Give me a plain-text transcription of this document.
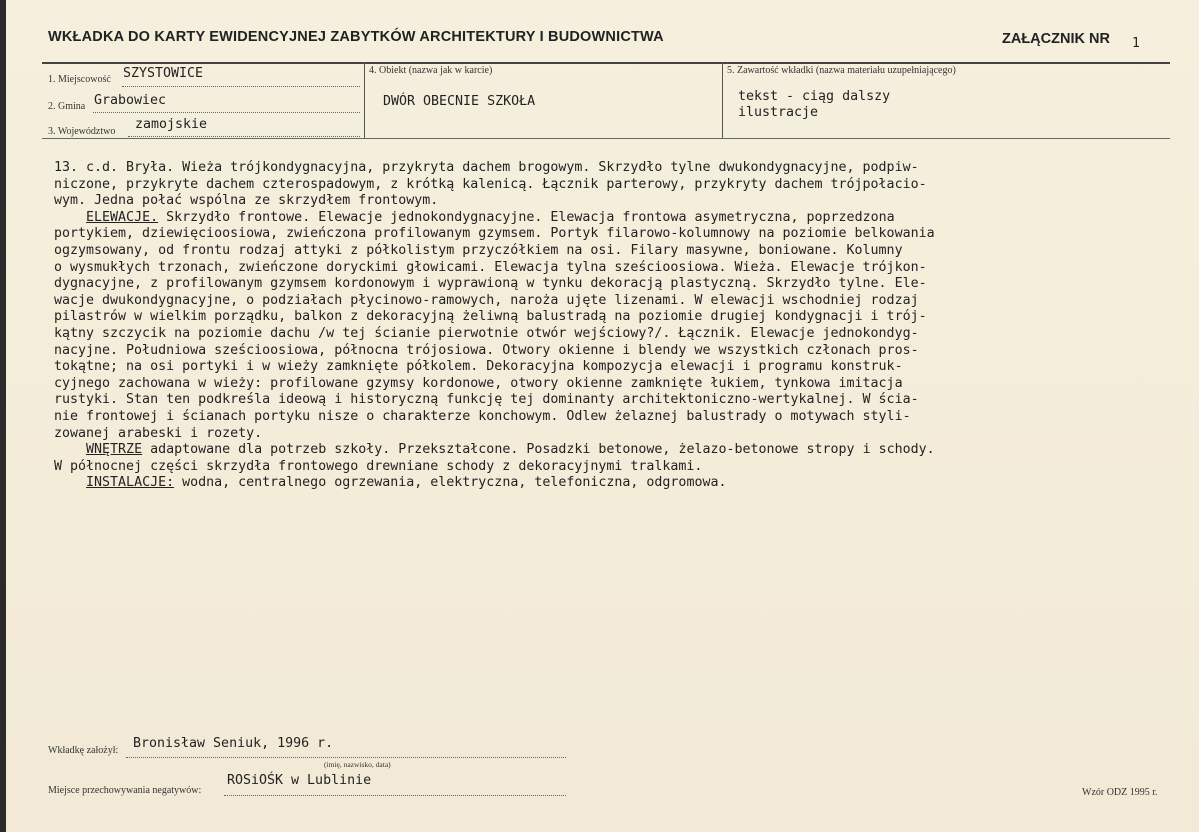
WKŁADKA DO KARTY EWIDENCYJNEJ ZABYTKÓW ARCHITEKTURY I BUDOWNICTWA	ZAŁĄCZNIK NR 1
1. Miejscowość SZYSTOWICE
2. Gmina Grabowiec
3. Województwo zamojskie
4. Obiekt (nazwa jak w karcie)
DWÓR OBECNIE SZKOŁA
5. Zawartość wkładki (nazwa materiału uzupełniającego)
tekst - ciąg dalszy
ilustracje
13. c.d. Bryła. Wieża trójkondygnacyjna, przykryta dachem brogowym. Skrzydło tylne dwukondygnacyjne, podpiw-
niczone, przykryte dachem czterospadowym, z krótką kalenicą. Łącznik parterowy, przykryty dachem trójpołacio-
wym. Jedna połać wspólna ze skrzydłem frontowym.
ELEWACJE. Skrzydło frontowe. Elewacje jednokondygnacyjne. Elewacja frontowa asymetryczna, poprzedzona
portykiem, dziewięcioosiowa, zwieńczona profilowanym gzymsem. Portyk filarowo-kolumnowy na poziomie belkowania
ogzymsowany, od frontu rodzaj attyki z półkolistym przyczółkiem na osi. Filary masywne, boniowane. Kolumny
o wysmukłych trzonach, zwieńczone doryckimi głowicami. Elewacja tylna sześcioosiowa. Wieża. Elewacje trójkon-
dygnacyjne, z profilowanym gzymsem kordonowym i wyprawioną w tynku dekoracją plastyczną. Skrzydło tylne. Ele-
wacje dwukondygnacyjne, o podziałach płycinowo-ramowych, naroża ujęte lizenami. W elewacji wschodniej rodzaj
pilastrów w wielkim porządku, balkon z dekoracyjną żeliwną balustradą na poziomie drugiej kondygnacji i trój-
kątny szczycik na poziomie dachu /w tej ścianie pierwotnie otwór wejściowy?/. Łącznik. Elewacje jednokondyg-
nacyjne. Południowa sześcioosiowa, północna trójosiowa. Otwory okienne i blendy we wszystkich członach pros-
tokątne; na osi portyki i w wieży zamknięte półkolem. Dekoracyjna kompozycja elewacji i programu konstruk-
cyjnego zachowana w wieży: profilowane gzymsy kordonowe, otwory okienne zamknięte łukiem, tynkowa imitacja
rustyki. Stan ten podkreśla ideową i historyczną funkcję tej dominanty architektoniczno-wertykalnej. W ścia-
nie frontowej i ścianach portyku nisze o charakterze konchowym. Odlew żelaznej balustrady o motywach styli-
zowanej arabeski i rozety.
WNĘTRZE adaptowane dla potrzeb szkoły. Przekształcone. Posadzki betonowe, żelazo-betonowe stropy i schody.
W północnej części skrzydła frontowego drewniane schody z dekoracyjnymi tralkami.
INSTALACJE: wodna, centralnego ogrzewania, elektryczna, telefoniczna, odgromowa.
Wkładkę założył: Bronisław Seniuk, 1996 r.
(imię, nazwisko, data)
Miejsce przechowywania negatywów:
ROSiOŚK w Lublinie
Wzór ODZ 1995 r.
